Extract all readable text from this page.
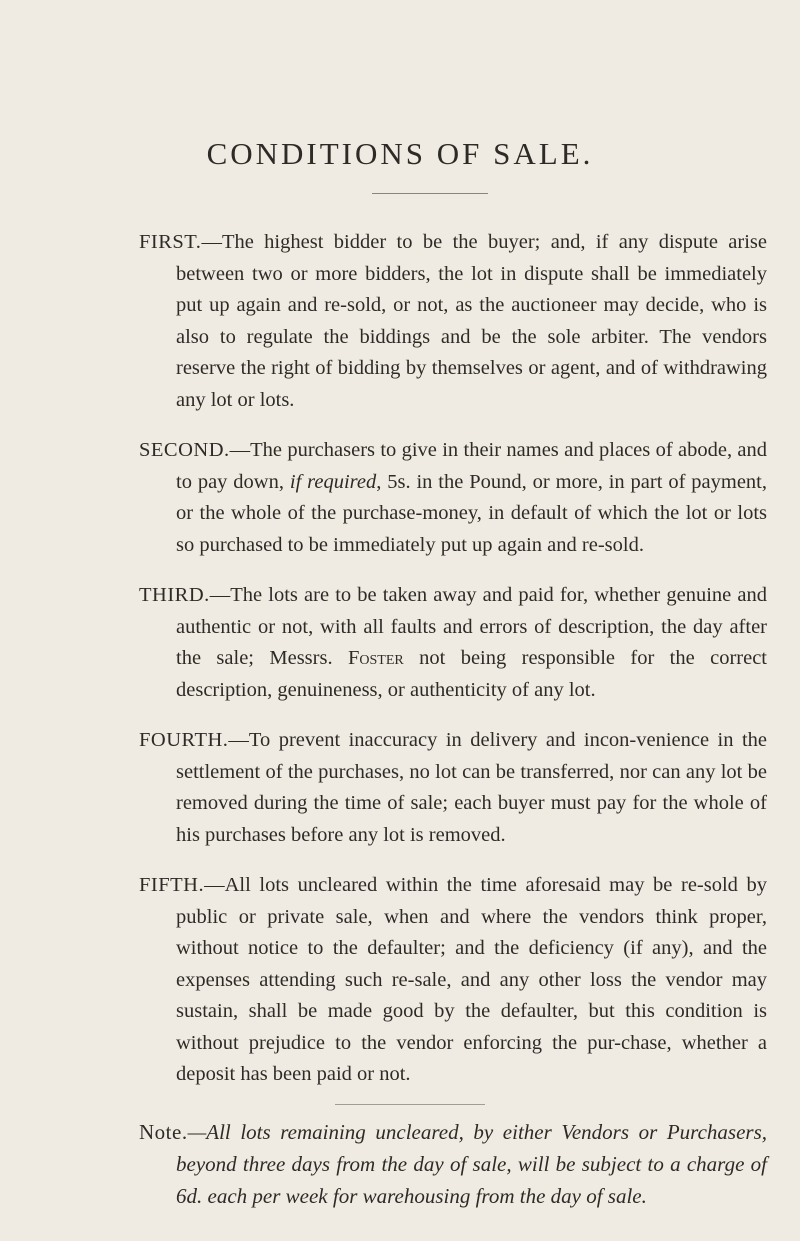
CONDITIONS OF SALE.

FIRST.—The highest bidder to be the buyer; and, if any dispute arise between two or more bidders, the lot in dispute shall be immediately put up again and re-sold, or not, as the auctioneer may decide, who is also to regulate the biddings and be the sole arbiter. The vendors reserve the right of bidding by themselves or agent, and of withdrawing any lot or lots.

SECOND.—The purchasers to give in their names and places of abode, and to pay down, if required, 5s. in the Pound, or more, in part of payment, or the whole of the purchase-money, in default of which the lot or lots so purchased to be immediately put up again and re-sold.

THIRD.—The lots are to be taken away and paid for, whether genuine and authentic or not, with all faults and errors of description, the day after the sale; Messrs. Foster not being responsible for the correct description, genuineness, or authenticity of any lot.

FOURTH.—To prevent inaccuracy in delivery and incon-venience in the settlement of the purchases, no lot can be transferred, nor can any lot be removed during the time of sale; each buyer must pay for the whole of his purchases before any lot is removed.

FIFTH.—All lots uncleared within the time aforesaid may be re-sold by public or private sale, when and where the vendors think proper, without notice to the defaulter; and the deficiency (if any), and the expenses attending such re-sale, and any other loss the vendor may sustain, shall be made good by the defaulter, but this condition is without prejudice to the vendor enforcing the pur-chase, whether a deposit has been paid or not.

Note.—All lots remaining uncleared, by either Vendors or Purchasers, beyond three days from the day of sale, will be subject to a charge of 6d. each per week for warehousing from the day of sale.
